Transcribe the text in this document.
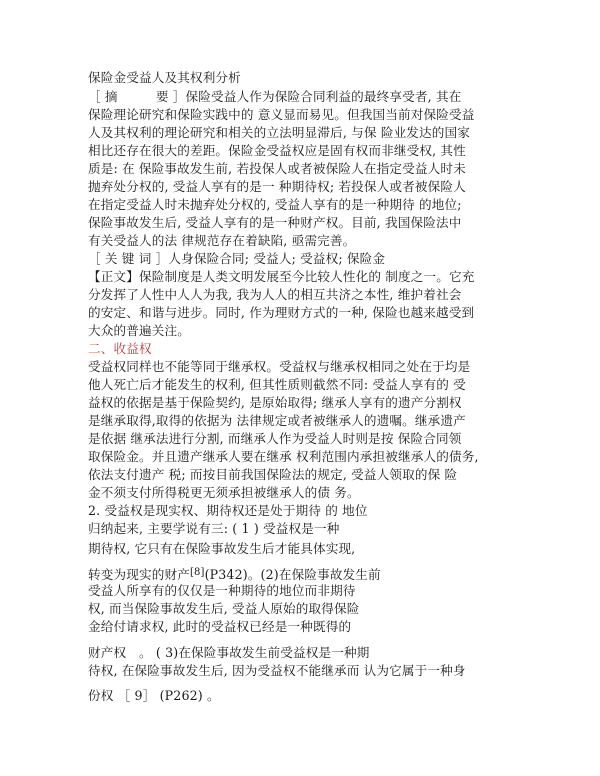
保险金受益人及其权利分析
［ 摘　　　要 ］保险受益人作为保险合同利益的最终享受者, 其在
保险理论研究和保险实践中的 意义显而易见。但我国当前对保险受益
人及其权利的理论研究和相关的立法明显滞后, 与保 险业发达的国家
相比还存在很大的差距。保险金受益权应是固有权而非继受权, 其性
质是: 在 保险事故发生前, 若投保人或者被保险人在指定受益人时未
抛弃处分权的, 受益人享有的是一 种期待权; 若投保人或者被保险人
在指定受益人时未抛弃处分权的, 受益人享有的是一种期待 的地位;
保险事故发生后, 受益人享有的是一种财产权。目前, 我国保险法中
有关受益人的法 律规范存在着缺陷, 亟需完善。
［ 关 键 词 ］人身保险合同; 受益人; 受益权; 保险金
【正文】保险制度是人类文明发展至今比较人性化的 制度之一。它充
分发挥了人性中人人为我, 我为人人的相互共济之本性, 维护着社会
的安定、和谐与进步。同时, 作为理财方式的一种, 保险也越来越受到
大众的普遍关注。
二、收益权
受益权同样也不能等同于继承权。受益权与继承权相同之处在于均是
他人死亡后才能发生的权利, 但其性质则截然不同: 受益人享有的 受
益权的依据是基于保险契约, 是原始取得; 继承人享有的遗产分割权
是继承取得,取得的依据为 法律规定或者被继承人的遗嘱。继承遗产
是依据 继承法进行分割, 而继承人作为受益人时则是按 保险合同领
取保险金。并且遗产继承人要在继承 权利范围内承担被继承人的债务,
依法支付遗产 税; 而按目前我国保险法的规定, 受益人领取的保 险
金不须支付所得税更无须承担被继承人的债 务。
2. 受益权是现实权、期待权还是处于期待 的 地位
归纳起来, 主要学说有三: ( 1 ) 受益权是一种
期待权, 它只有在保险事故发生后才能具体实现,
转变为现实的财产[8](P342)。(2)在保险事故发生前
受益人所享有的仅仅是一种期待的地位而非期待
权, 而当保险事故发生后, 受益人原始的取得保险
金给付请求权, 此时的受益权已经是一种既得的
财产权　。 ( 3)在保险事故发生前受益权是一种期
待权, 在保险事故发生后, 因为受益权不能继承而 认为它属于一种身
份权 ［ 9］ (P262) 。
